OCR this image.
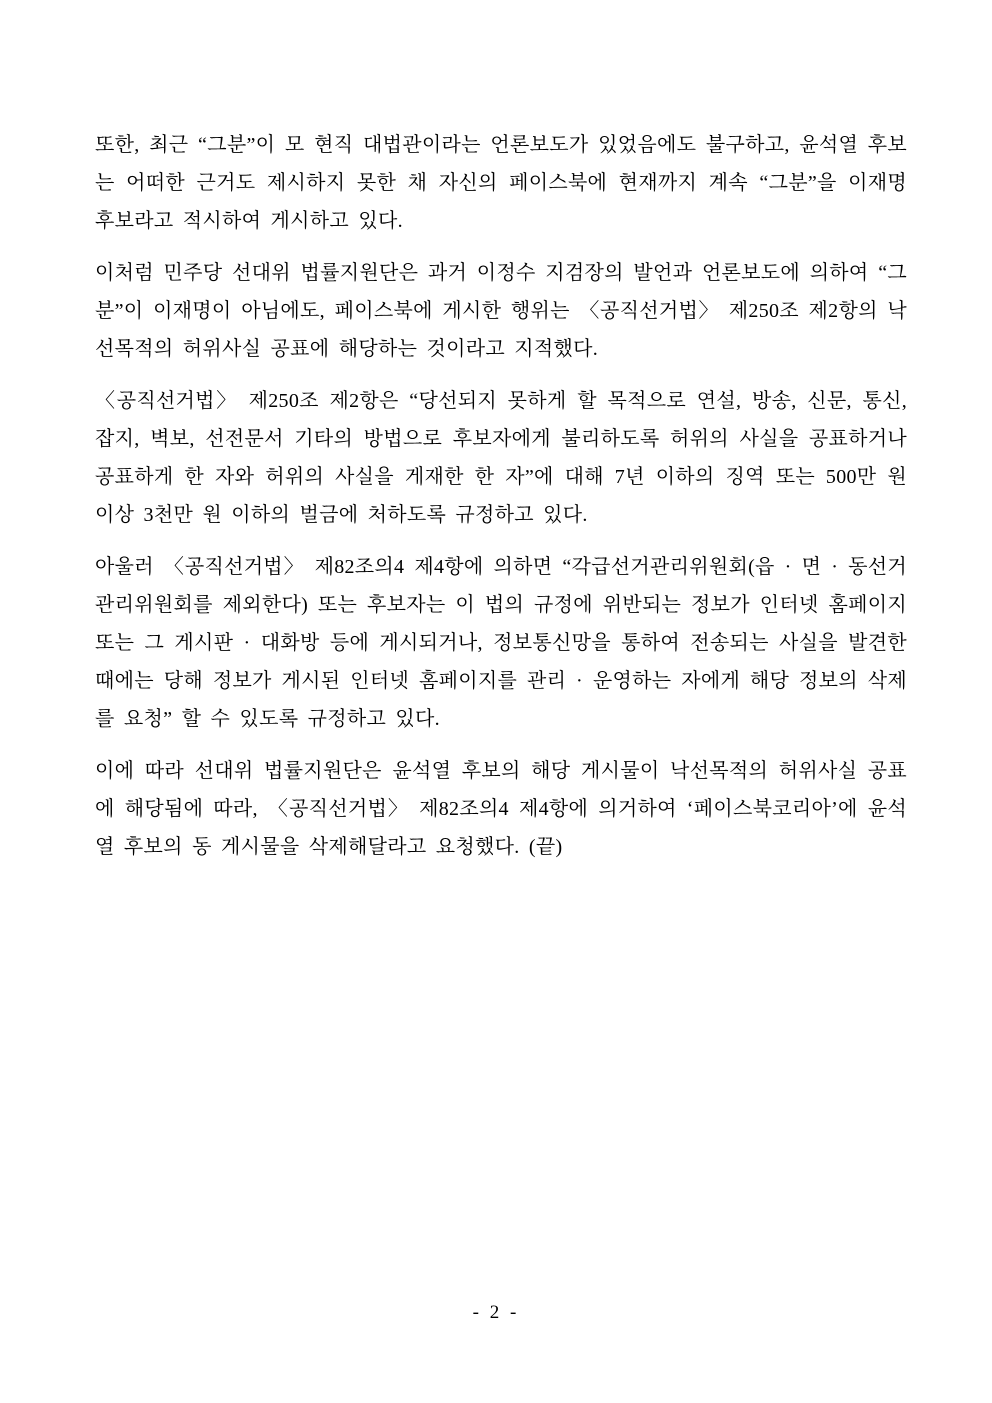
또한, 최근 “그분”이 모 현직 대법관이라는 언론보도가 있었음에도 불구하고, 윤석열 후보는 어떠한 근거도 제시하지 못한 채 자신의 페이스북에 현재까지 계속 “그분”을 이재명 후보라고 적시하여 게시하고 있다.

이처럼 민주당 선대위 법률지원단은 과거 이정수 지검장의 발언과 언론보도에 의하여 “그분”이 이재명이 아님에도, 페이스북에 게시한 행위는 〈공직선거법〉 제250조 제2항의 낙선목적의 허위사실 공표에 해당하는 것이라고 지적했다.

〈공직선거법〉 제250조 제2항은 “당선되지 못하게 할 목적으로 연설, 방송, 신문, 통신, 잡지, 벽보, 선전문서 기타의 방법으로 후보자에게 불리하도록 허위의 사실을 공표하거나 공표하게 한 자와 허위의 사실을 게재한 한 자”에 대해 7년 이하의 징역 또는 500만 원 이상 3천만 원 이하의 벌금에 처하도록 규정하고 있다.

아울러 〈공직선거법〉 제82조의4 제4항에 의하면 “각급선거관리위원회(읍 · 면 · 동선거관리위원회를 제외한다) 또는 후보자는 이 법의 규정에 위반되는 정보가 인터넷 홈페이지 또는 그 게시판 · 대화방 등에 게시되거나, 정보통신망을 통하여 전송되는 사실을 발견한 때에는 당해 정보가 게시된 인터넷 홈페이지를 관리 · 운영하는 자에게 해당 정보의 삭제를 요청” 할 수 있도록 규정하고 있다.

이에 따라 선대위 법률지원단은 윤석열 후보의 해당 게시물이 낙선목적의 허위사실 공표에 해당됨에 따라, 〈공직선거법〉 제82조의4 제4항에 의거하여 ‘페이스북코리아’에 윤석열 후보의 동 게시물을 삭제해달라고 요청했다. (끝)

- 2 -
